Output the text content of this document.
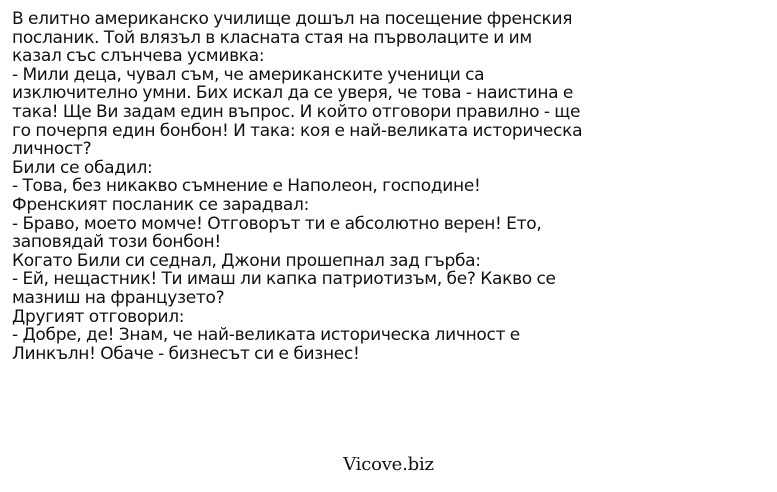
В елитно американско училище дошъл на посещение френския
посланик. Той влязъл в класната стая на първолаците и им
казал със слънчева усмивка:
- Мили деца, чувал съм, че американските ученици са
изключително умни. Бих искал да се уверя, че това - наистина е
така! Ще Ви задам един въпрос. И който отговори правилно - ще
го почерпя един бонбон! И така: коя е най-великата историческа
личност?
Били се обадил:
- Това, без никакво съмнение е Наполеон, господине!
Френският посланик се зарадвал:
- Браво, моето момче! Отговорът ти е абсолютно верен! Ето,
заповядай този бонбон!
Когато Били си седнал, Джони прошепнал зад гърба:
- Ей, нещастник! Ти имаш ли капка патриотизъм, бе? Какво се
мазниш на французето?
Другият отговорил:
- Добре, де! Знам, че най-великата историческа личност е
Линкълн! Обаче - бизнесът си е бизнес!
Vicove.biz
